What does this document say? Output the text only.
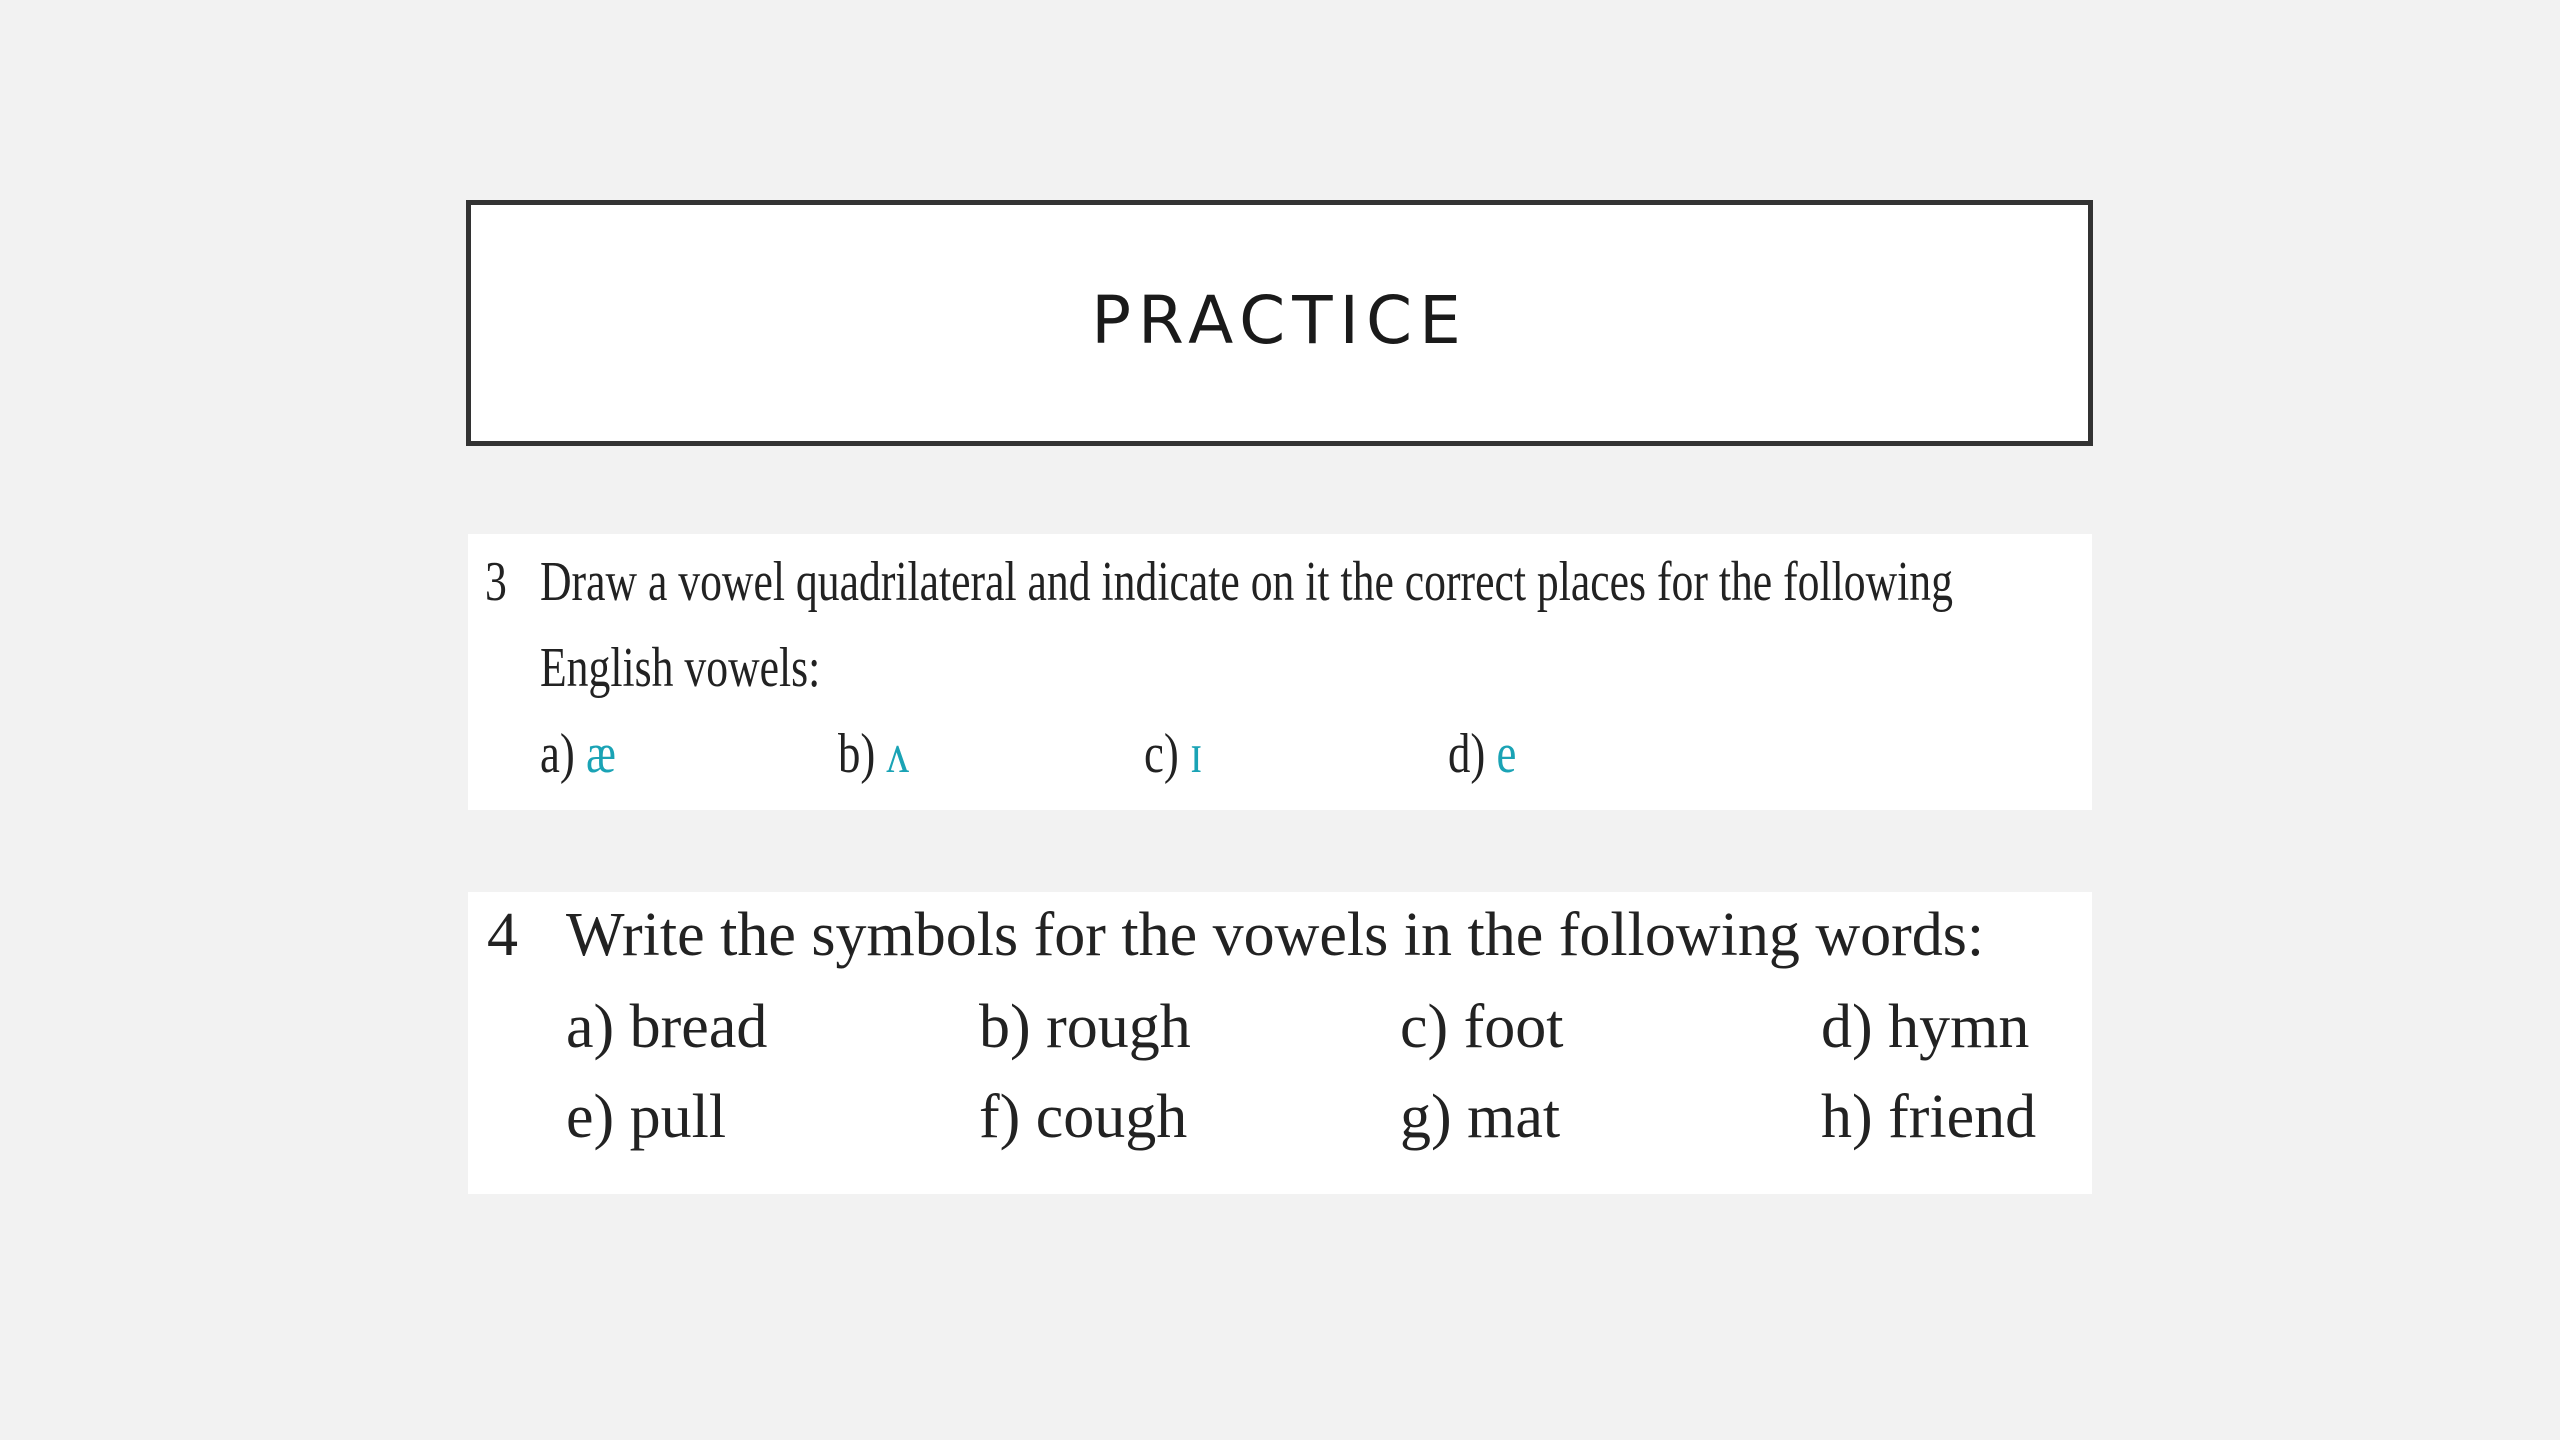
PRACTICE
3 Draw a vowel quadrilateral and indicate on it the correct places for the following
English vowels:
a) æ	b) ʌ	c) ɪ	d) e
4 Write the symbols for the vowels in the following words:
a) bread	b) rough	c) foot	d) hymn
e) pull	f) cough	g) mat	h) friend
